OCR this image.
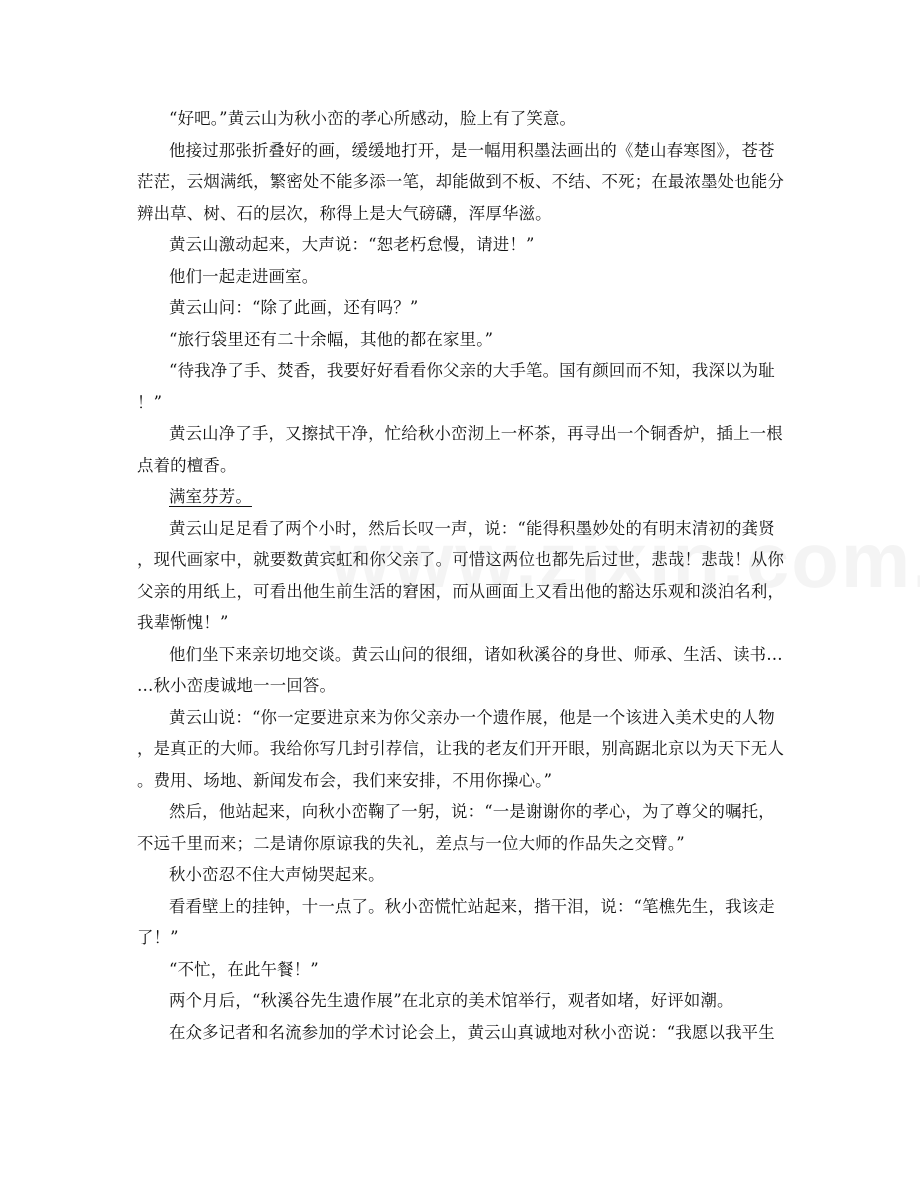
“好吧。”黄云山为秋小峦的孝心所感动，脸上有了笑意。
他接过那张折叠好的画，缓缓地打开，是一幅用积墨法画出的《楚山春寒图》，苍苍
茫茫，云烟满纸，繁密处不能多添一笔，却能做到不板、不结、不死；在最浓墨处也能分
辨出草、树、石的层次，称得上是大气磅礴，浑厚华滋。
黄云山激动起来，大声说：“恕老朽怠慢，请进！”
他们一起走进画室。
黄云山问：“除了此画，还有吗？”
“旅行袋里还有二十余幅，其他的都在家里。”
“待我净了手、焚香，我要好好看看你父亲的大手笔。国有颜回而不知，我深以为耻
！”
黄云山净了手，又擦拭干净，忙给秋小峦沏上一杯茶，再寻出一个铜香炉，插上一根
点着的檀香。
满室芬芳。
黄云山足足看了两个小时，然后长叹一声，说：“能得积墨妙处的有明末清初的龚贤
，现代画家中，就要数黄宾虹和你父亲了。可惜这两位也都先后过世，悲哉！悲哉！从你
父亲的用纸上，可看出他生前生活的窘困，而从画面上又看出他的豁达乐观和淡泊名利，
我辈惭愧！”
他们坐下来亲切地交谈。黄云山问的很细，诸如秋溪谷的身世、师承、生活、读书…
…秋小峦虔诚地一一回答。
黄云山说：“你一定要进京来为你父亲办一个遗作展，他是一个该进入美术史的人物
，是真正的大师。我给你写几封引荐信，让我的老友们开开眼，别高踞北京以为天下无人
。费用、场地、新闻发布会，我们来安排，不用你操心。”
然后，他站起来，向秋小峦鞠了一躬，说：“一是谢谢你的孝心，为了尊父的嘱托，
不远千里而来；二是请你原谅我的失礼，差点与一位大师的作品失之交臂。”
秋小峦忍不住大声恸哭起来。
看看壁上的挂钟，十一点了。秋小峦慌忙站起来，揩干泪，说：“笔樵先生，我该走
了！”
“不忙，在此午餐！”
两个月后，“秋溪谷先生遗作展”在北京的美术馆举行，观者如堵，好评如潮。
在众多记者和名流参加的学术讨论会上，黄云山真诚地对秋小峦说：“我愿以我平生
